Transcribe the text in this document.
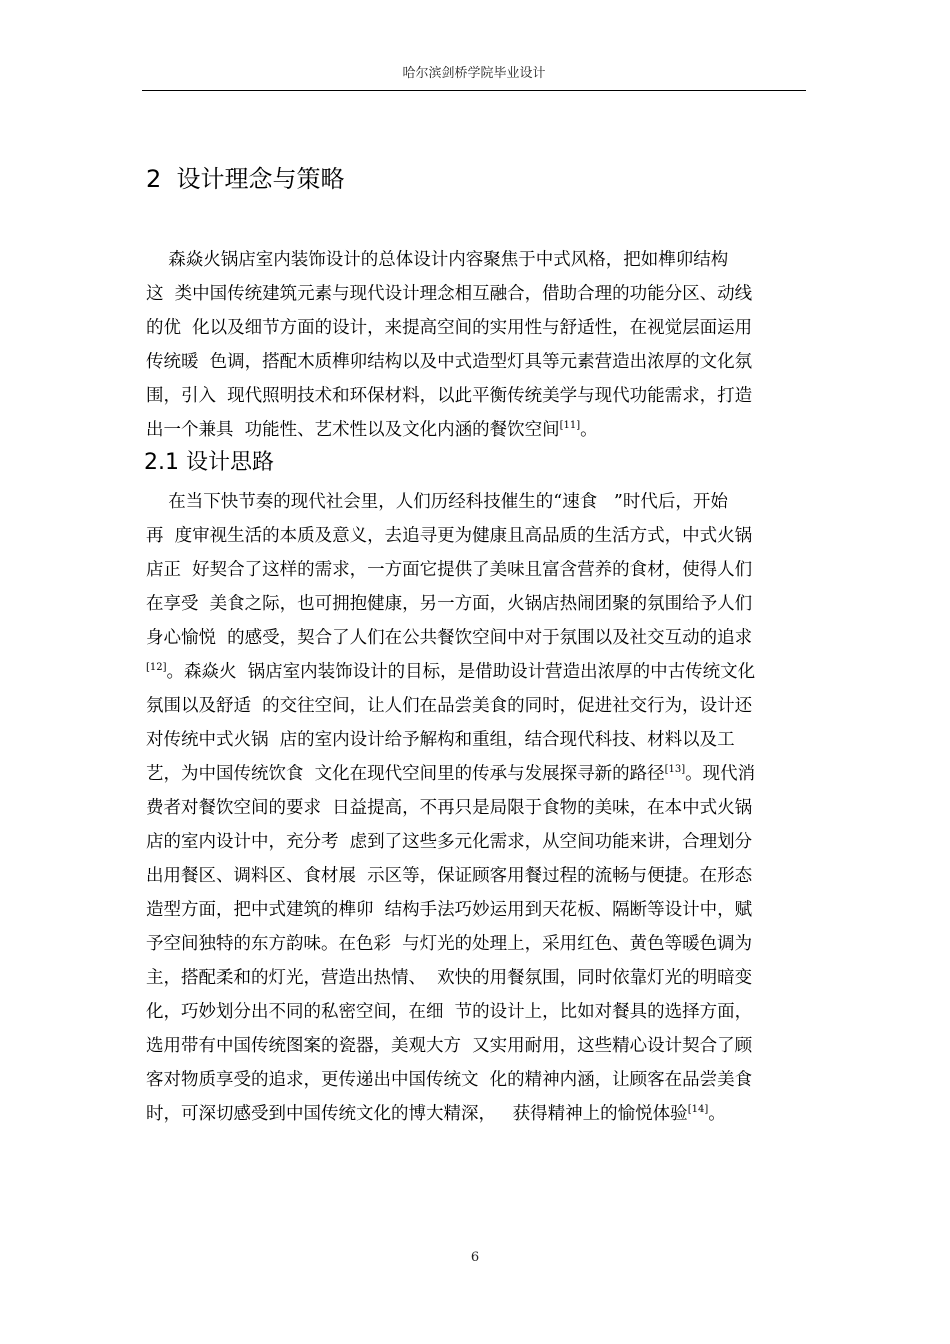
哈尔滨剑桥学院毕业设计
2  设计理念与策略
森焱火锅店室内装饰设计的总体设计内容聚焦于中式风格，把如榫卯结构
这  类中国传统建筑元素与现代设计理念相互融合，借助合理的功能分区、动线
的优  化以及细节方面的设计，来提高空间的实用性与舒适性，在视觉层面运用
传统暖  色调，搭配木质榫卯结构以及中式造型灯具等元素营造出浓厚的文化氛
围，引入  现代照明技术和环保材料，以此平衡传统美学与现代功能需求，打造
出一个兼具  功能性、艺术性以及文化内涵的餐饮空间[11]。
2.1 设计思路
在当下快节奏的现代社会里，人们历经科技催生的“速食   ”时代后，开始
再  度审视生活的本质及意义，去追寻更为健康且高品质的生活方式，中式火锅
店正  好契合了这样的需求，一方面它提供了美味且富含营养的食材，使得人们
在享受  美食之际，也可拥抱健康，另一方面，火锅店热闹团聚的氛围给予人们
身心愉悦  的感受，契合了人们在公共餐饮空间中对于氛围以及社交互动的追求
[12]。森焱火  锅店室内装饰设计的目标，是借助设计营造出浓厚的中古传统文化
氛围以及舒适  的交往空间，让人们在品尝美食的同时，促进社交行为，设计还
对传统中式火锅  店的室内设计给予解构和重组，结合现代科技、材料以及工
艺，为中国传统饮食  文化在现代空间里的传承与发展探寻新的路径[13]。现代消
费者对餐饮空间的要求  日益提高，不再只是局限于食物的美味，在本中式火锅
店的室内设计中，充分考  虑到了这些多元化需求，从空间功能来讲，合理划分
出用餐区、调料区、食材展  示区等，保证顾客用餐过程的流畅与便捷。在形态
造型方面，把中式建筑的榫卯  结构手法巧妙运用到天花板、隔断等设计中，赋
予空间独特的东方韵味。在色彩  与灯光的处理上，采用红色、黄色等暖色调为
主，搭配柔和的灯光，营造出热情、  欢快的用餐氛围，同时依靠灯光的明暗变
化，巧妙划分出不同的私密空间，在细  节的设计上，比如对餐具的选择方面，
选用带有中国传统图案的瓷器，美观大方  又实用耐用，这些精心设计契合了顾
客对物质享受的追求，更传递出中国传统文  化的精神内涵，让顾客在品尝美食
时，可深切感受到中国传统文化的博大精深，   获得精神上的愉悦体验[14]。
6
